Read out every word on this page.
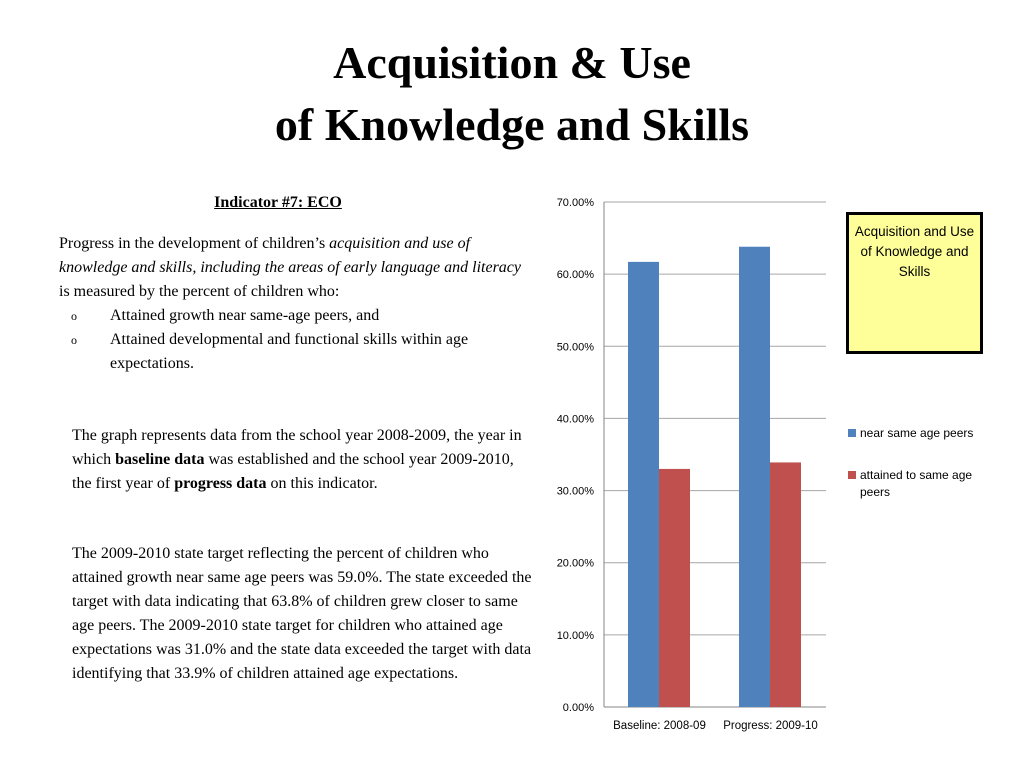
Acquisition & Use
of Knowledge and Skills
Indicator #7: ECO

Progress in the development of children’s acquisition and use of knowledge and skills, including the areas of early language and literacy is measured by the percent of children who:

o Attained growth near same-age peers, and
o Attained developmental and functional skills within age expectations.

The graph represents data from the school year 2008-2009, the year in which baseline data was established and the school year 2009-2010, the first year of progress data on this indicator.

The 2009-2010 state target reflecting the percent of children who attained growth near same age peers was 59.0%. The state exceeded the target with data indicating that 63.8% of children grew closer to same age peers. The 2009-2010 state target for children who attained age expectations was 31.0% and the state data exceeded the target with data identifying that 33.9% of children attained age expectations.

0.00%
10.00%
20.00%
30.00%
40.00%
50.00%
60.00%
70.00%
Baseline: 2008-09 Progress: 2009-10
Acquisition and Use of Knowledge and Skills
near same age peers
attained to same age peers
